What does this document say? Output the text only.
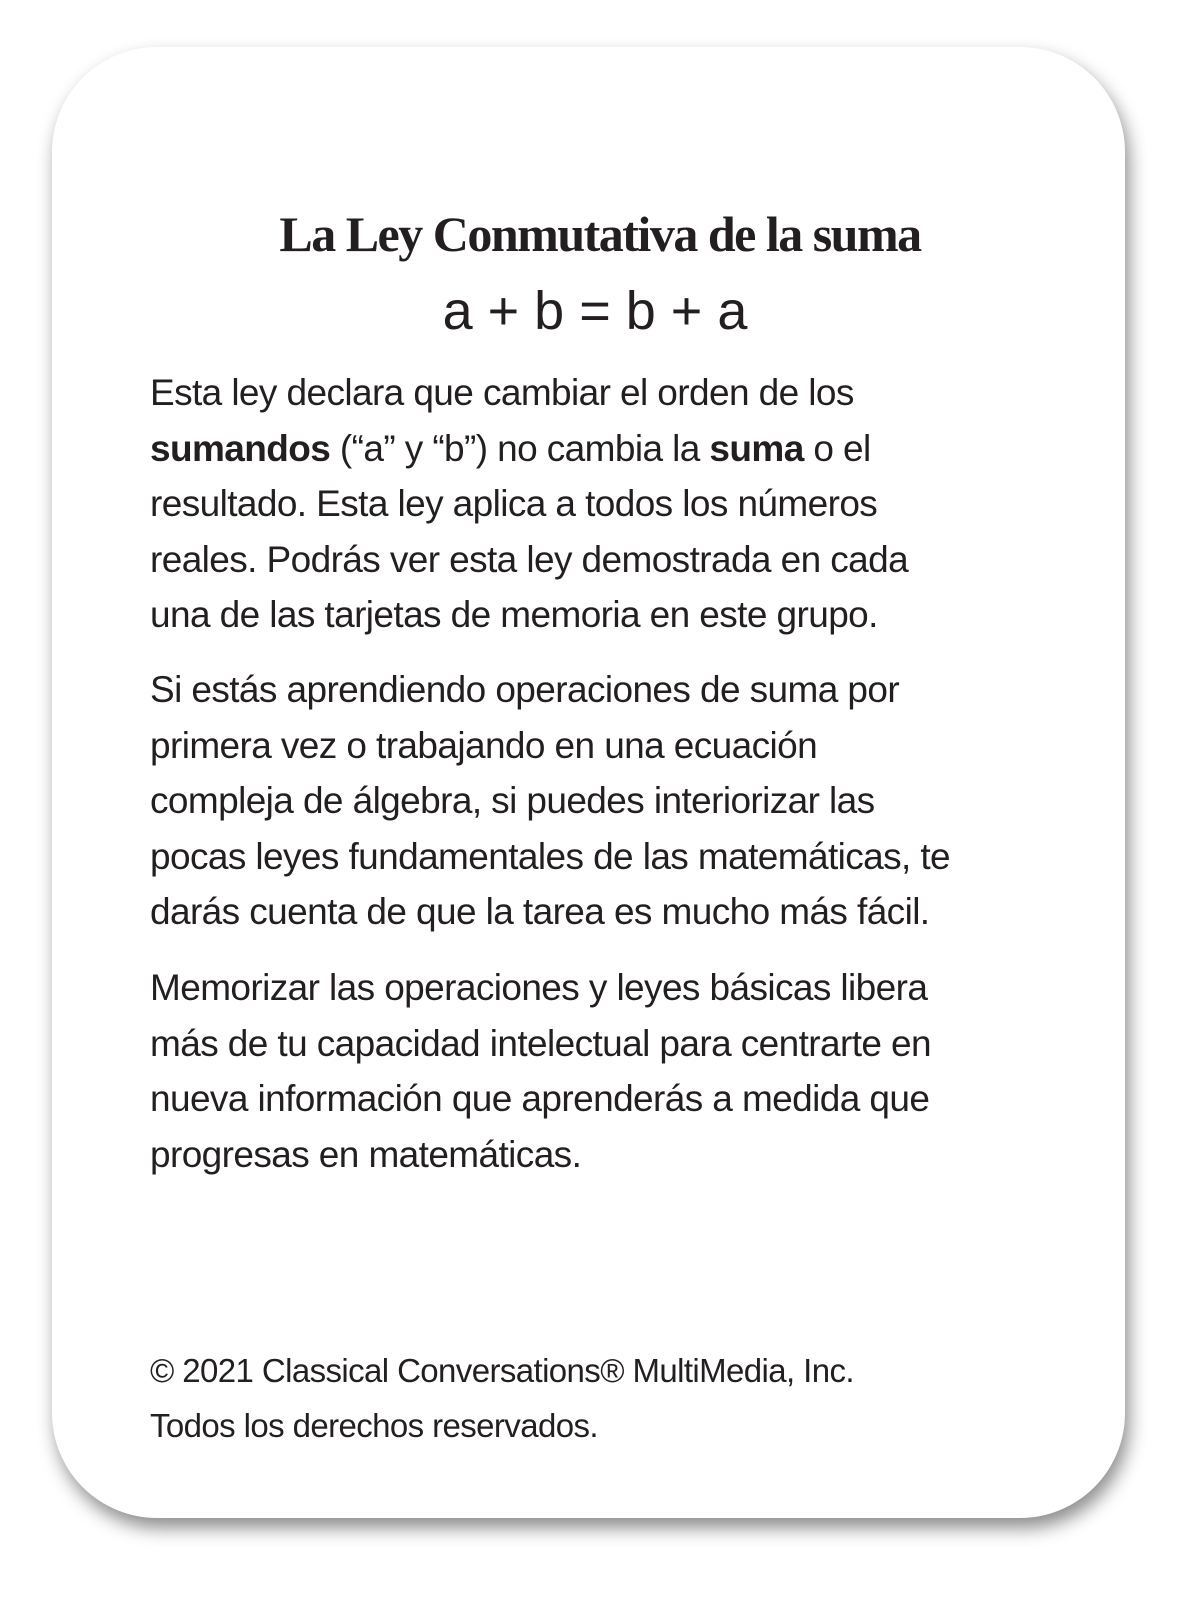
La Ley Conmutativa de la suma
a + b = b + a
Esta ley declara que cambiar el orden de los
sumandos (“a” y “b”) no cambia la suma o el
resultado. Esta ley aplica a todos los números
reales. Podrás ver esta ley demostrada en cada
una de las tarjetas de memoria en este grupo.
Si estás aprendiendo operaciones de suma por
primera vez o trabajando en una ecuación
compleja de álgebra, si puedes interiorizar las
pocas leyes fundamentales de las matemáticas, te
darás cuenta de que la tarea es mucho más fácil.
Memorizar las operaciones y leyes básicas libera
más de tu capacidad intelectual para centrarte en
nueva información que aprenderás a medida que
progresas en matemáticas.
© 2021 Classical Conversations® MultiMedia, Inc.
Todos los derechos reservados.
